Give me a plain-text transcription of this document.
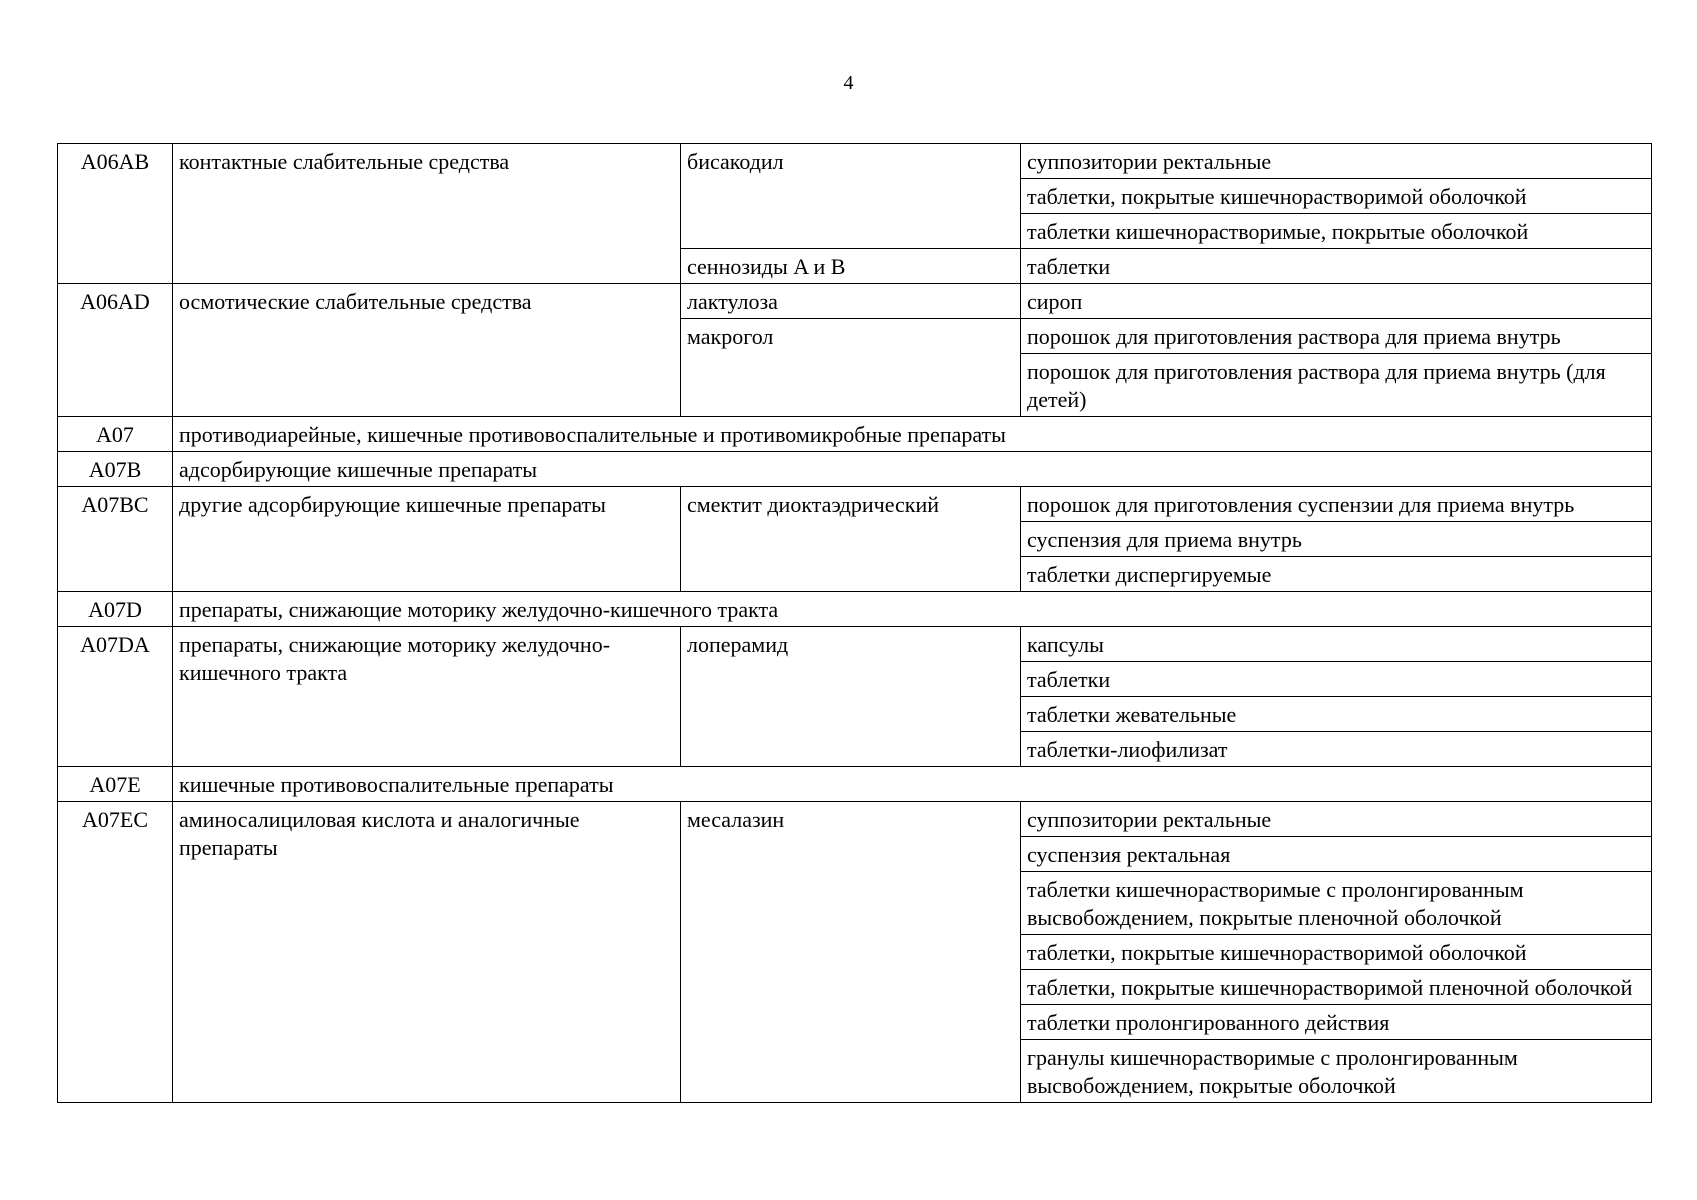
4
A06AB	контактные слабительные средства	бисакодил	суппозитории ректальные
			таблетки, покрытые кишечнорастворимой оболочкой
			таблетки кишечнорастворимые, покрытые оболочкой
		сеннозиды A и B	таблетки
A06AD	осмотические слабительные средства	лактулоза	сироп
		макрогол	порошок для приготовления раствора для приема внутрь
			порошок для приготовления раствора для приема внутрь (для детей)
A07	противодиарейные, кишечные противовоспалительные и противомикробные препараты		
A07B	адсорбирующие кишечные препараты		
A07BC	другие адсорбирующие кишечные препараты	смектит диоктаэдрический	порошок для приготовления суспензии для приема внутрь
			суспензия для приема внутрь
			таблетки диспергируемые
A07D	препараты, снижающие моторику желудочно-кишечного тракта		
A07DA	препараты, снижающие моторику желудочно-кишечного тракта	лоперамид	капсулы
			таблетки
			таблетки жевательные
			таблетки-лиофилизат
A07E	кишечные противовоспалительные препараты		
A07EC	аминосалициловая кислота и аналогичные препараты	месалазин	суппозитории ректальные
			суспензия ректальная
			таблетки кишечнорастворимые с пролонгированным высвобождением, покрытые пленочной оболочкой
			таблетки, покрытые кишечнорастворимой оболочкой
			таблетки, покрытые кишечнорастворимой пленочной оболочкой
			таблетки пролонгированного действия
			гранулы кишечнорастворимые с пролонгированным высвобождением, покрытые оболочкой
